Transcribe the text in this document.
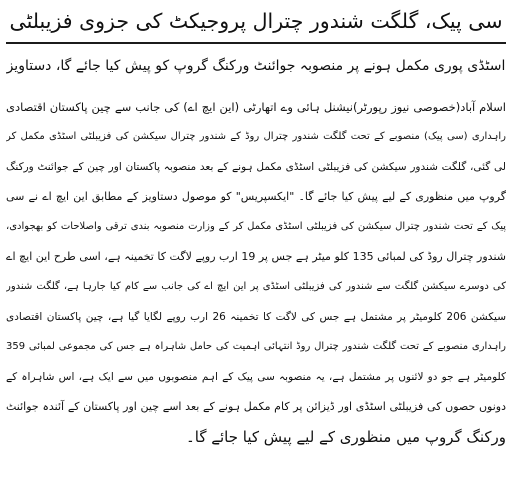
سی پیک، گلگت شندور چترال پروجیکٹ کی جزوی فزیبلٹی
اسٹڈی پوری مکمل ہونے پر منصوبہ جوائنٹ ورکنگ گروپ کو پیش کیا جائے گا، دستاویز
اسلام آباد(خصوصی نیوز رپورٹر)نیشنل ہائی وے اتھارٹی (این ایچ اے) کی جانب سے چین پاکستان اقتصادی
راہداری (سی پیک) منصوبے کے تحت گلگت شندور چترال روڈ کے شندور چترال سیکشن کی فزیبلٹی اسٹڈی مکمل کر
لی گئی، گلگت شندور سیکشن کی فزیبلٹی اسٹڈی مکمل ہونے کے بعد منصوبہ پاکستان اور چین کے جوائنٹ ورکنگ
گروپ میں منظوری کے لیے پیش کیا جائے گا۔ "ایکسپریس" کو موصول دستاویز کے مطابق این ایچ اے نے سی
پیک کے تحت شندور چترال سیکشن کی فزیبلٹی اسٹڈی مکمل کر کے وزارت منصوبہ بندی ترقی واصلاحات کو بھجوادی،
شندور چترال روڈ کی لمبائی 135 کلو میٹر ہے جس پر 19 ارب روپے لاگت کا تخمینہ ہے، اسی طرح این ایچ اے
کی دوسرے سیکشن گلگت سے شندور کی فزیبلٹی اسٹڈی پر این ایچ اے کی جانب سے کام کیا جارہا ہے، گلگت شندور
سیکشن 206 کلومیٹر پر مشتمل ہے جس کی لاگت کا تخمینہ 26 ارب روپے لگایا گیا ہے، چین پاکستان اقتصادی
راہداری منصوبے کے تحت گلگت شندور چترال روڈ انتہائی اہمیت کی حامل شاہراہ ہے جس کی مجموعی لمبائی 359
کلومیٹر ہے جو دو لائنوں پر مشتمل ہے، یہ منصوبہ سی پیک کے اہم منصوبوں میں سے ایک ہے، اس شاہراہ کے
دونوں حصوں کی فزیبلٹی اسٹڈی اور ڈیزائن پر کام مکمل ہونے کے بعد اسے چین اور پاکستان کے آئندہ جوائنٹ
ورکنگ گروپ میں منظوری کے لیے پیش کیا جائے گا۔
